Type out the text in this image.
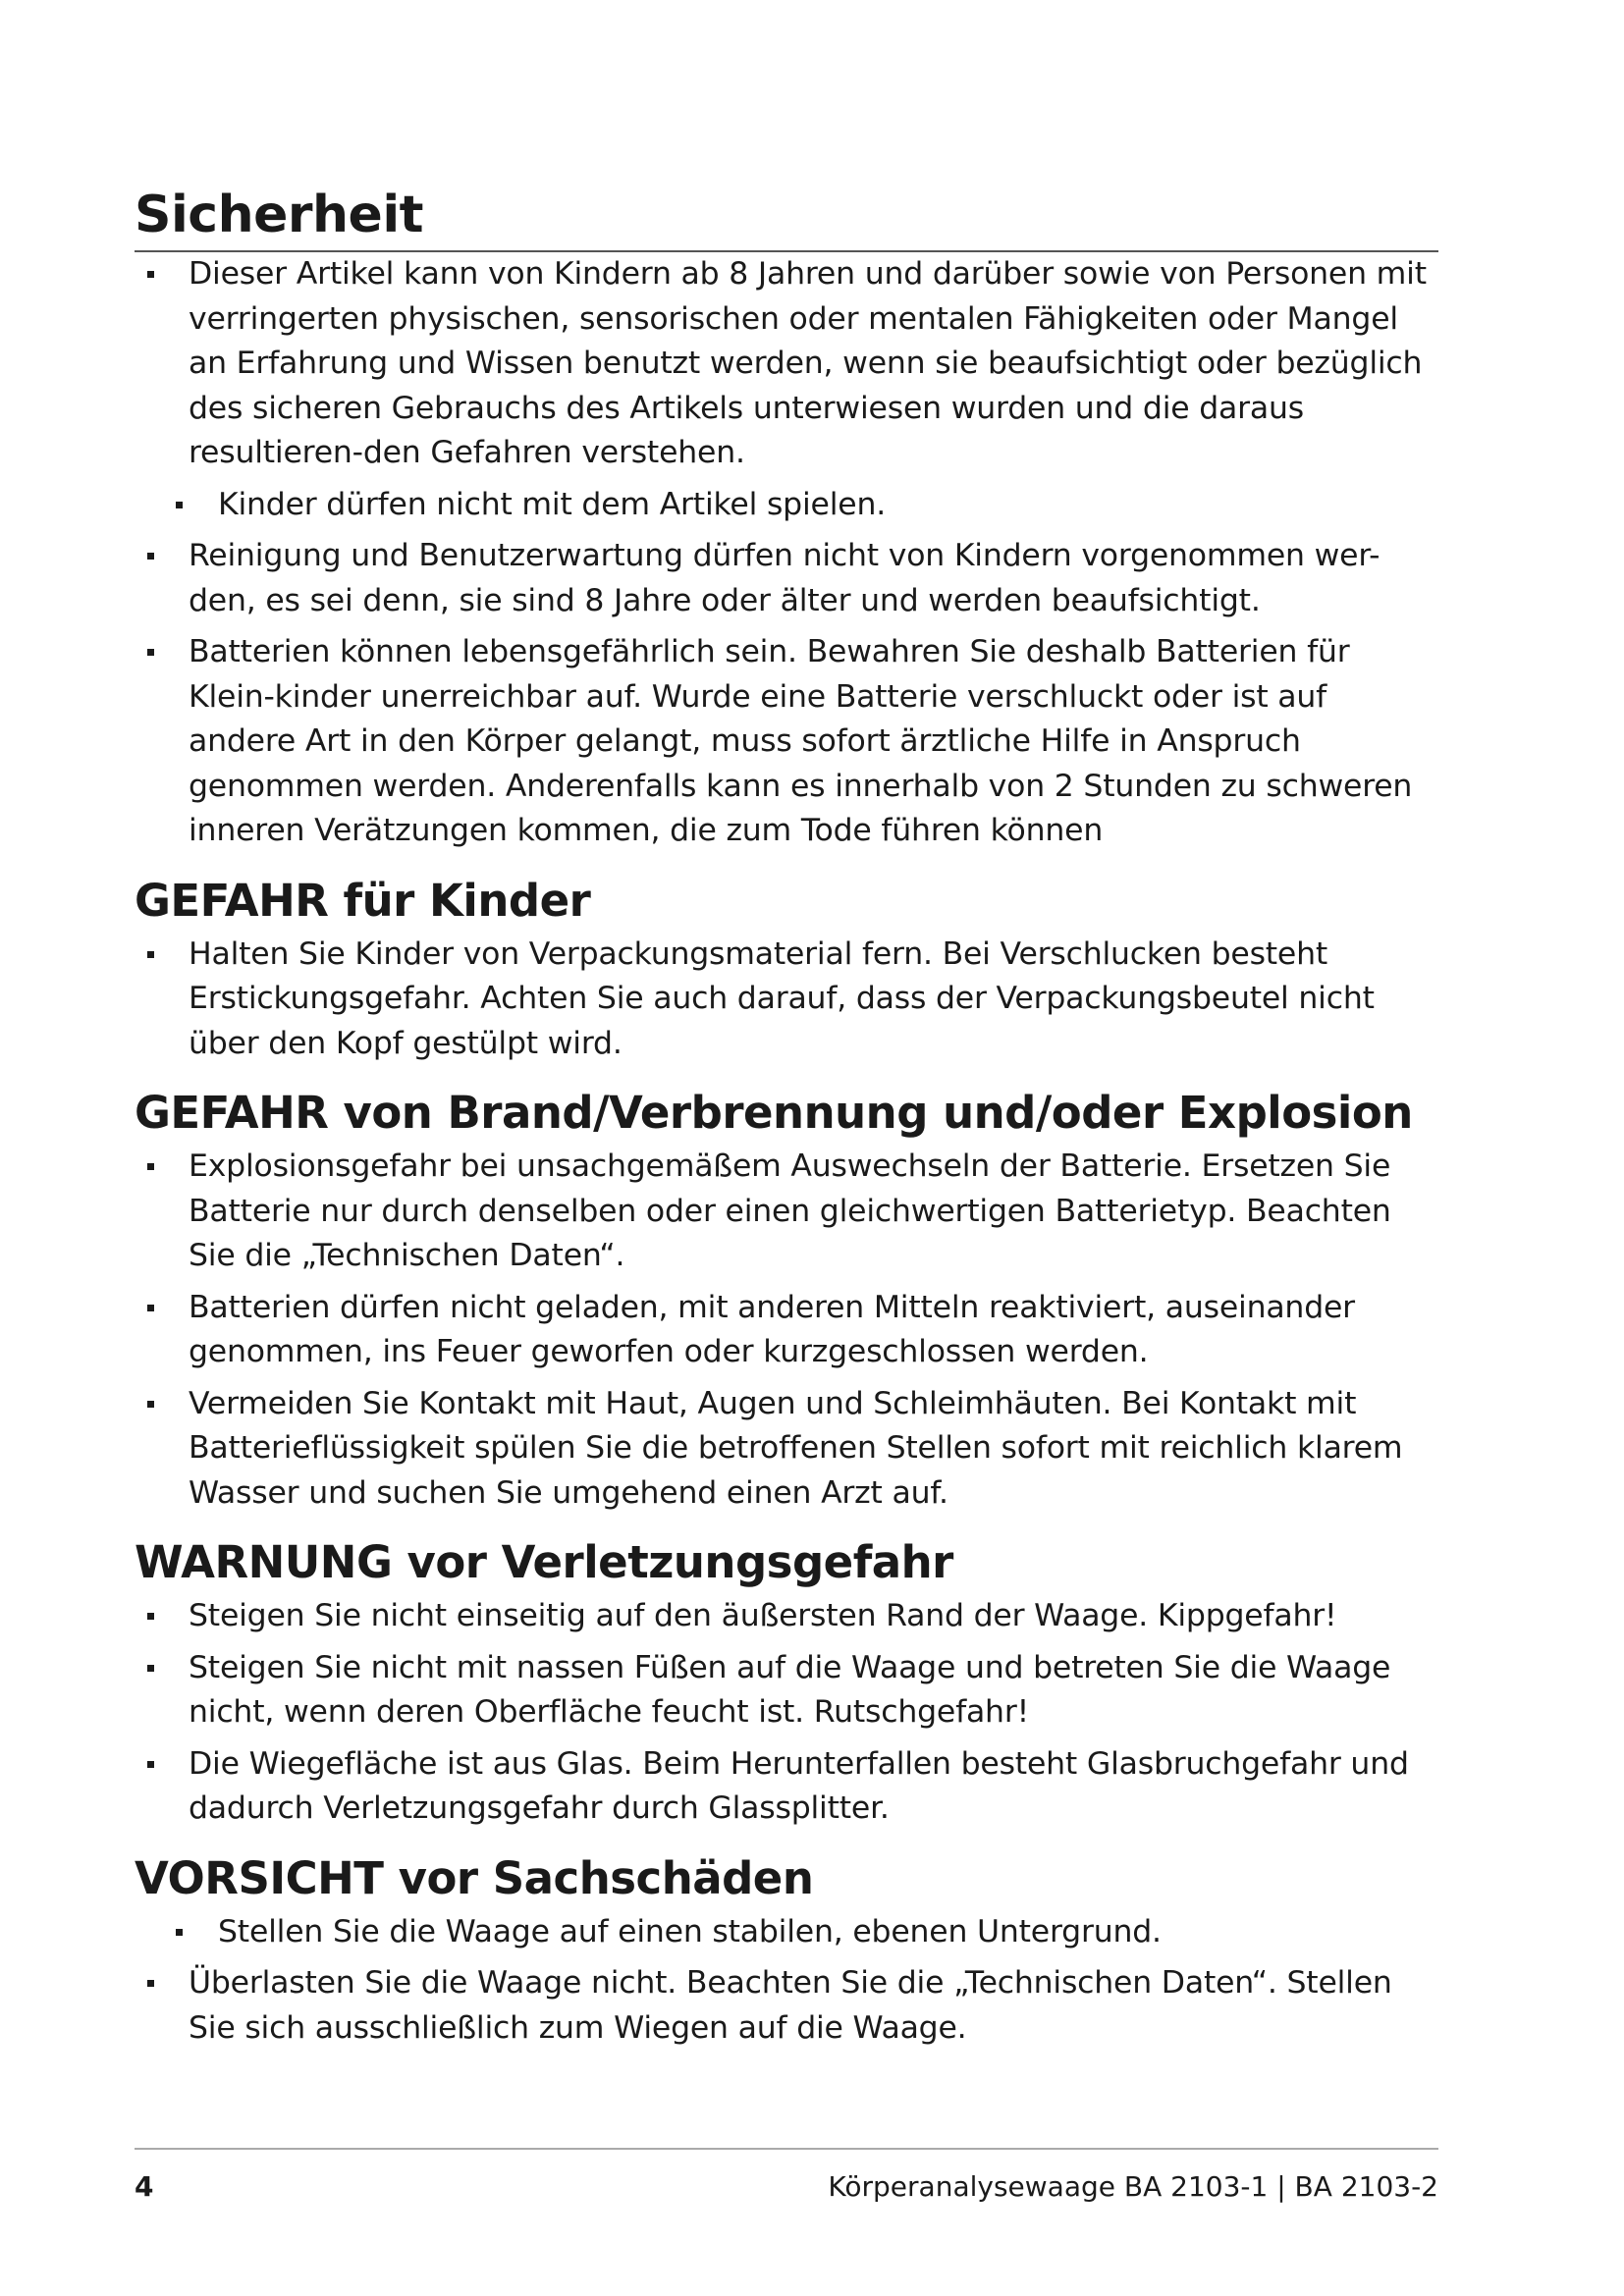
Sicherheit
Dieser Artikel kann von Kindern ab 8 Jahren und darüber sowie von Personen mit verringerten physischen, sensorischen oder mentalen Fähigkeiten oder Mangel an Erfahrung und Wissen benutzt werden, wenn sie beaufsichtigt oder bezüglich des sicheren Gebrauchs des Artikels unterwiesen wurden und die daraus resultieren-den Gefahren verstehen.
Kinder dürfen nicht mit dem Artikel spielen.
Reinigung und Benutzerwartung dürfen nicht von Kindern vorgenommen wer-den, es sei denn, sie sind 8 Jahre oder älter und werden beaufsichtigt.
Batterien können lebensgefährlich sein. Bewahren Sie deshalb Batterien für Klein-kinder unerreichbar auf. Wurde eine Batterie verschluckt oder ist auf andere Art in den Körper gelangt, muss sofort ärztliche Hilfe in Anspruch genommen werden. Anderenfalls kann es innerhalb von 2 Stunden zu schweren inneren Verätzungen kommen, die zum Tode führen können
GEFAHR für Kinder
Halten Sie Kinder von Verpackungsmaterial fern. Bei Verschlucken besteht Erstickungsgefahr. Achten Sie auch darauf, dass der Verpackungsbeutel nicht über den Kopf gestülpt wird.
GEFAHR von Brand/Verbrennung und/oder Explosion
Explosionsgefahr bei unsachgemäßem Auswechseln der Batterie. Ersetzen Sie Batterie nur durch denselben oder einen gleichwertigen Batterietyp. Beachten Sie die „Technischen Daten“.
Batterien dürfen nicht geladen, mit anderen Mitteln reaktiviert, auseinander genommen, ins Feuer geworfen oder kurzgeschlossen werden.
Vermeiden Sie Kontakt mit Haut, Augen und Schleimhäuten. Bei Kontakt mit Batterieflüssigkeit spülen Sie die betroffenen Stellen sofort mit reichlich klarem Wasser und suchen Sie umgehend einen Arzt auf.
WARNUNG vor Verletzungsgefahr
Steigen Sie nicht einseitig auf den äußersten Rand der Waage. Kippgefahr!
Steigen Sie nicht mit nassen Füßen auf die Waage und betreten Sie die Waage nicht, wenn deren Oberfläche feucht ist. Rutschgefahr!
Die Wiegefläche ist aus Glas. Beim Herunterfallen besteht Glasbruchgefahr und dadurch Verletzungsgefahr durch Glassplitter.
VORSICHT vor Sachschäden
Stellen Sie die Waage auf einen stabilen, ebenen Untergrund.
Überlasten Sie die Waage nicht. Beachten Sie die „Technischen Daten“. Stellen Sie sich ausschließlich zum Wiegen auf die Waage.
4	Körperanalysewaage BA 2103-1 | BA 2103-2
